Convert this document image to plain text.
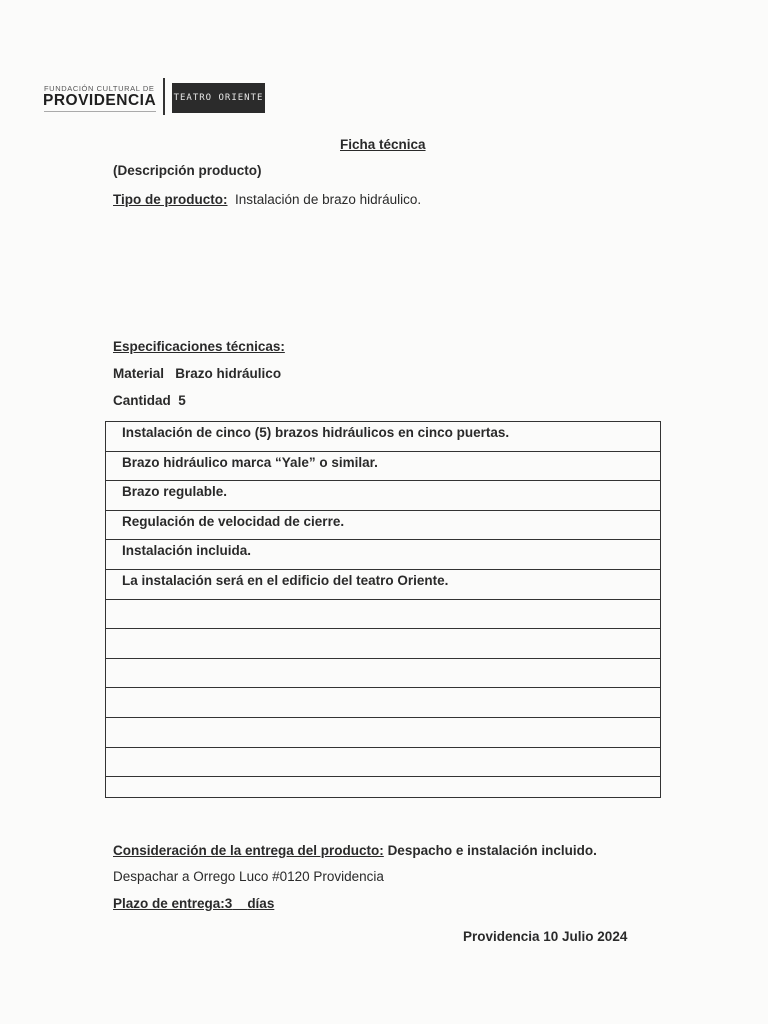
FUNDACIÓN CULTURAL DE
PROVIDENCIA TEATRO ORIENTE
Ficha técnica
(Descripción producto)
Tipo de producto: Instalación de brazo hidráulico.
Especificaciones técnicas:
Material Brazo hidráulico
Cantidad 5
Instalación de cinco (5) brazos hidráulicos en cinco puertas.
Brazo hidráulico marca “Yale” o similar.
Brazo regulable.
Regulación de velocidad de cierre.
Instalación incluida.
La instalación será en el edificio del teatro Oriente.
Consideración de la entrega del producto: Despacho e instalación incluido.
Despachar a Orrego Luco #0120 Providencia
Plazo de entrega:3 días
Providencia 10 Julio 2024
